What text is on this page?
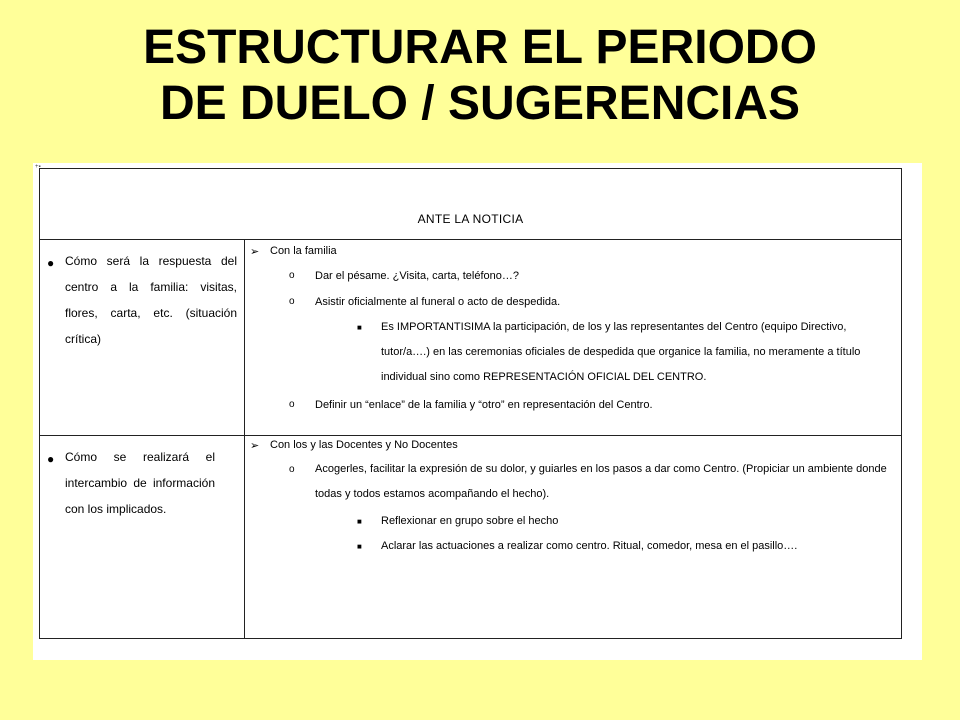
ESTRUCTURAR EL PERIODO
DE DUELO / SUGERENCIAS
+▪
ANTE LA NOTICIA
● Cómo será la respuesta del centro a la familia: visitas, flores, carta, etc. (situación crítica)
➢ Con la familia
o Dar el pésame. ¿Visita, carta, teléfono…?
o Asistir oficialmente al funeral o acto de despedida.
■ Es IMPORTANTISIMA la participación, de los y las representantes del Centro (equipo Directivo, tutor/a….) en las ceremonias oficiales de despedida que organice la familia, no meramente a título individual sino como REPRESENTACIÓN OFICIAL DEL CENTRO.
o Definir un “enlace” de la familia y “otro” en representación del Centro.
● Cómo se realizará el intercambio de información con los implicados.
➢ Con los y las Docentes y No Docentes
o Acogerles, facilitar la expresión de su dolor, y guiarles en los pasos a dar como Centro. (Propiciar un ambiente donde todas y todos estamos acompañando el hecho).
■ Reflexionar en grupo sobre el hecho
■ Aclarar las actuaciones a realizar como centro. Ritual, comedor, mesa en el pasillo….
